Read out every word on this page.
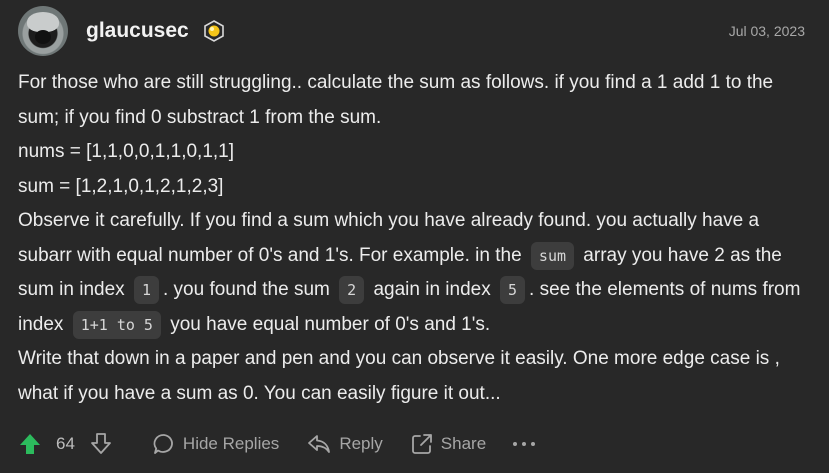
glaucusec	Jul 03, 2023

For those who are still struggling.. calculate the sum as follows. if you find a 1 add 1 to the sum; if you find 0 substract 1 from the sum.

nums = [1,1,0,0,1,1,0,1,1]

sum = [1,2,1,0,1,2,1,2,3]

Observe it carefully. If you find a sum which you have already found. you actually have a subarr with equal number of 0's and 1's. For example. in the sum array you have 2 as the sum in index 1 . you found the sum 2 again in index 5 . see the elements of nums from index 1+1 to 5 you have equal number of 0's and 1's.

Write that down in a paper and pen and you can observe it easily. One more edge case is , what if you have a sum as 0. You can easily figure it out...

64	Hide Replies	Reply	Share
